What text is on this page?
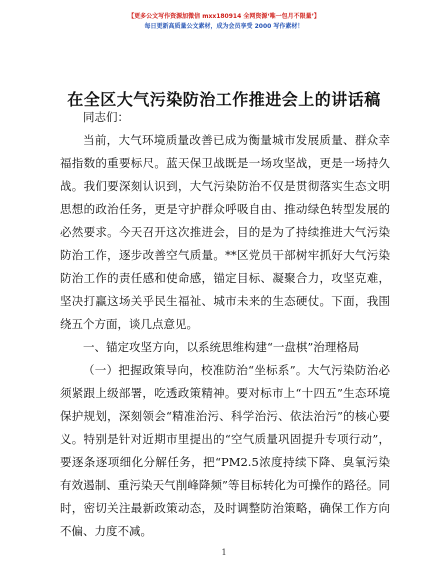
【更多公文写作资源加微信 mxx180914 全网资源‘唯一包月不限量’】
每日更新高质量公文素材，成为会员享受 2000 写作素材！
在全区大气污染防治工作推进会上的讲话稿

同志们：

当前，大气环境质量改善已成为衡量城市发展质量、群众幸福指数的重要标尺。蓝天保卫战既是一场攻坚战，更是一场持久战。我们要深刻认识到，大气污染防治不仅是贯彻落实生态文明思想的政治任务，更是守护群众呼吸自由、推动绿色转型发展的必然要求。今天召开这次推进会，目的是为了持续推进大气污染防治工作，逐步改善空气质量。**区党员干部树牢抓好大气污染防治工作的责任感和使命感，锚定目标、凝聚合力，攻坚克难，坚决打赢这场关乎民生福祉、城市未来的生态硬仗。下面，我围绕五个方面，谈几点意见。

一、锚定攻坚方向，以系统思维构建“一盘棋”治理格局

（一）把握政策导向，校准防治“坐标系”。大气污染防治必须紧跟上级部署，吃透政策精神。要对标市上“十四五”生态环境保护规划，深刻领会“精准治污、科学治污、依法治污”的核心要义。特别是针对近期市里提出的“空气质量巩固提升专项行动”，要逐条逐项细化分解任务，把“PM2.5浓度持续下降、臭氧污染有效遏制、重污染天气削峰降频”等目标转化为可操作的路径。同时，密切关注最新政策动态，及时调整防治策略，确保工作方向不偏、力度不减。

1
